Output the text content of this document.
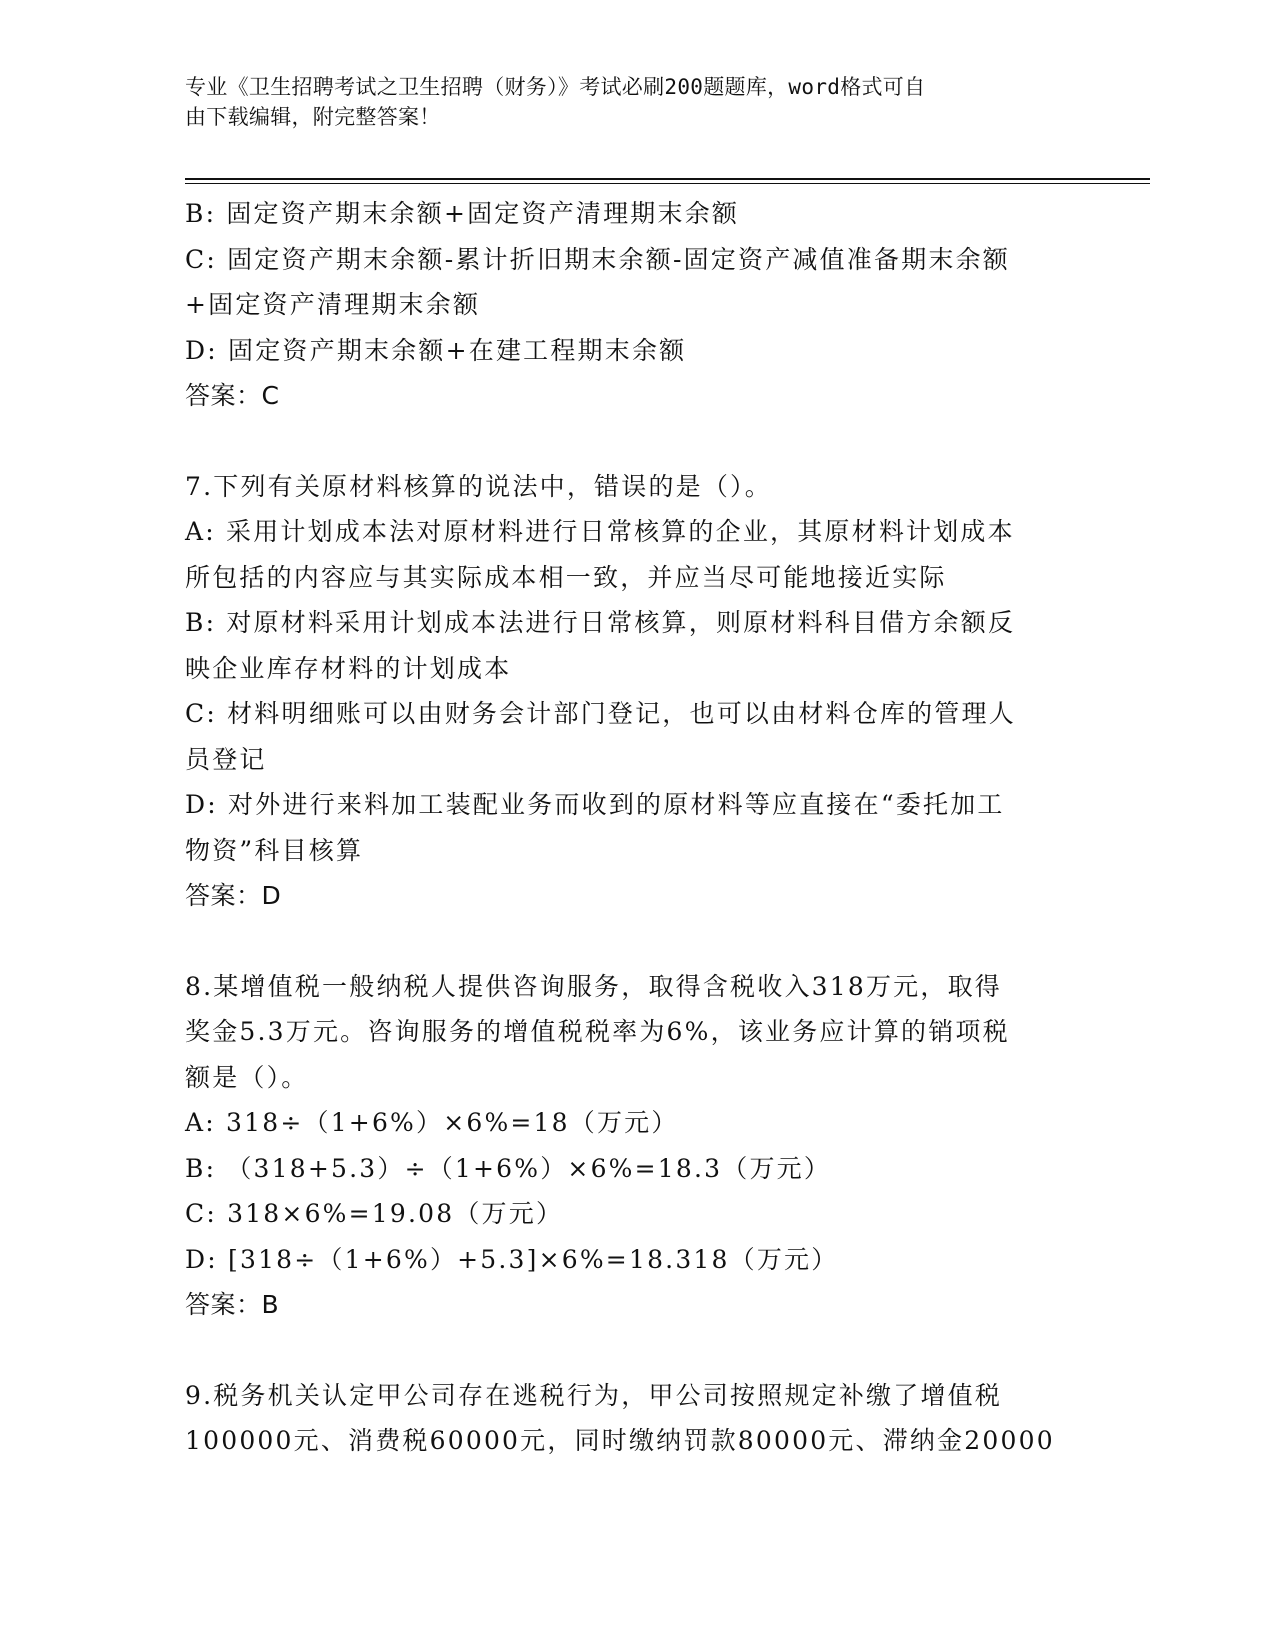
专业《卫生招聘考试之卫生招聘（财务）》考试必刷200题题库，word格式可自
由下载编辑，附完整答案！

B: 固定资产期末余额+固定资产清理期末余额

C: 固定资产期末余额-累计折旧期末余额-固定资产减值准备期末余额

+固定资产清理期末余额

D: 固定资产期末余额+在建工程期末余额

答案：C

7.下列有关原材料核算的说法中，错误的是（）。

A: 采用计划成本法对原材料进行日常核算的企业，其原材料计划成本

所包括的内容应与其实际成本相一致，并应当尽可能地接近实际

B: 对原材料采用计划成本法进行日常核算，则原材料科目借方余额反

映企业库存材料的计划成本

C: 材料明细账可以由财务会计部门登记，也可以由材料仓库的管理人

员登记

D: 对外进行来料加工装配业务而收到的原材料等应直接在“委托加工

物资”科目核算

答案：D

8.某增值税一般纳税人提供咨询服务，取得含税收入318万元，取得

奖金5.3万元。咨询服务的增值税税率为6%，该业务应计算的销项税

额是（）。

A: 318÷（1+6%）×6%=18（万元）

B: （318+5.3）÷（1+6%）×6%=18.3（万元）

C: 318×6%=19.08（万元）

D: [318÷（1+6%）+5.3]×6%=18.318（万元）

答案：B

9.税务机关认定甲公司存在逃税行为，甲公司按照规定补缴了增值税

100000元、消费税60000元，同时缴纳罚款80000元、滞纳金20000
